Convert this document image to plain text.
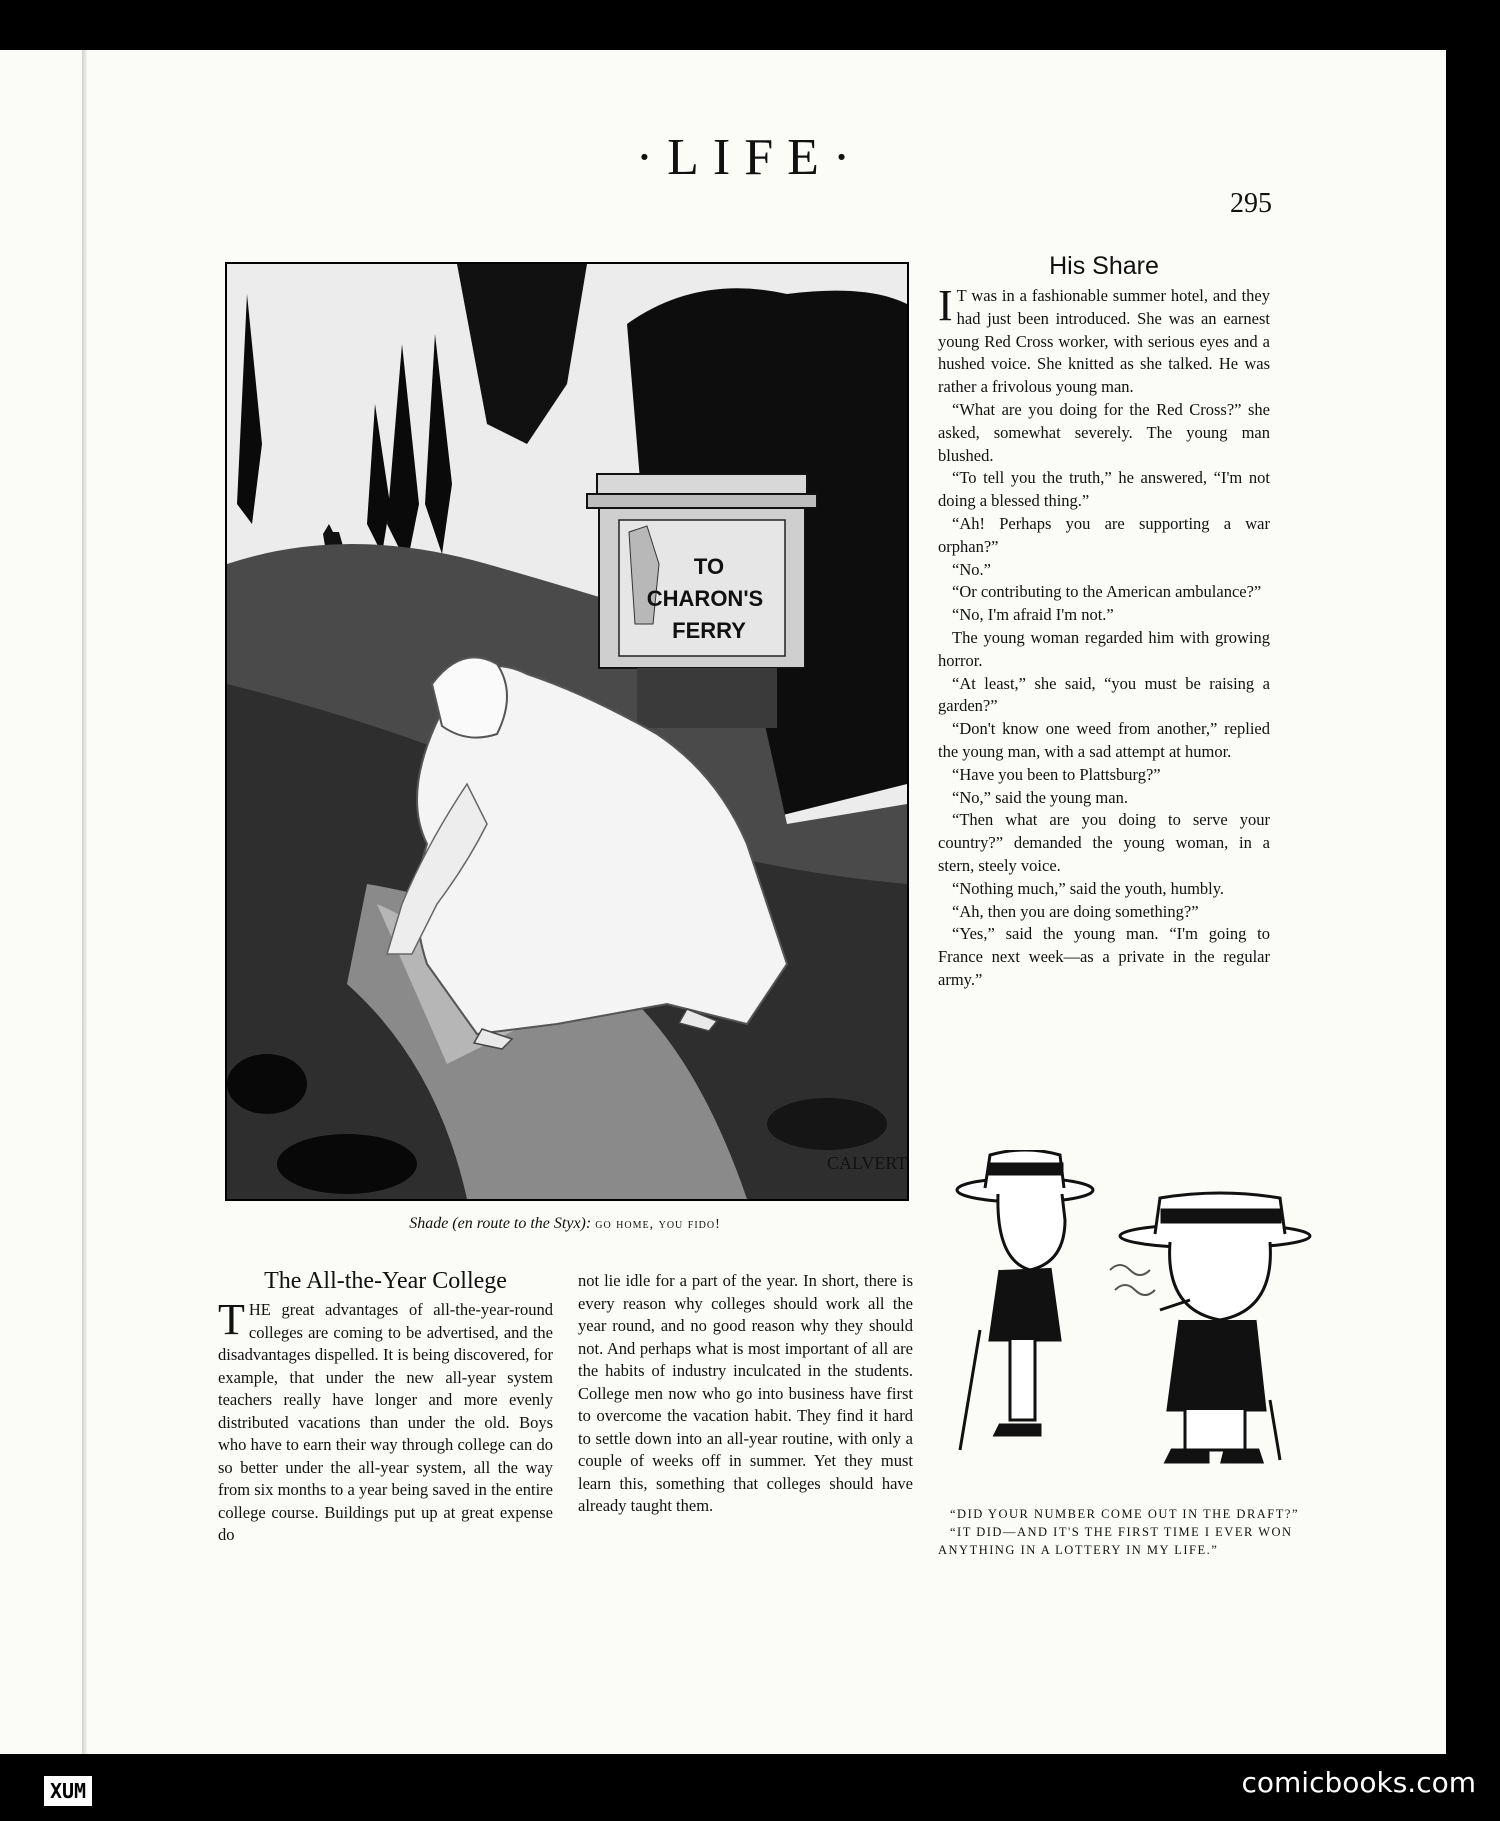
·LIFE·
295
TO
CHARON'S
FERRY
CALVERT
Shade (en route to the Styx): go home, you fido!
The All-the-Year College

THE great advantages of all-the-year-round colleges are coming to be advertised, and the disadvantages dispelled. It is being discovered, for example, that under the new all-year system teachers really have longer and more evenly distributed vacations than under the old. Boys who have to earn their way through college can do so better under the all-year system, all the way from six months to a year being saved in the entire college course. Buildings put up at great expense do

not lie idle for a part of the year. In short, there is every reason why colleges should work all the year round, and no good reason why they should not. And perhaps what is most important of all are the habits of industry inculcated in the students. College men now who go into business have first to overcome the vacation habit. They find it hard to settle down into an all-year routine, with only a couple of weeks off in summer. Yet they must learn this, something that colleges should have already taught them.

His Share

I T was in a fashionable summer hotel, and they had just been introduced. She was an earnest young Red Cross worker, with serious eyes and a hushed voice. She knitted as she talked. He was rather a frivolous young man.

“What are you doing for the Red Cross?” she asked, somewhat severely. The young man blushed.

“To tell you the truth,” he answered, “I'm not doing a blessed thing.”

“Ah! Perhaps you are supporting a war orphan?”

“No.”

“Or contributing to the American ambulance?”

“No, I'm afraid I'm not.”

The young woman regarded him with growing horror.

“At least,” she said, “you must be raising a garden?”

“Don't know one weed from another,” replied the young man, with a sad attempt at humor.

“Have you been to Plattsburg?”

“No,” said the young man.

“Then what are you doing to serve your country?” demanded the young woman, in a stern, steely voice.

“Nothing much,” said the youth, humbly.

“Ah, then you are doing something?”

“Yes,” said the young man. “I'm going to France next week—as a private in the regular army.”

“DID YOUR NUMBER COME OUT IN THE DRAFT?”

“IT DID—AND IT'S THE FIRST TIME I EVER WON ANYTHING IN A LOTTERY IN MY LIFE.”

XUM	comicbooks.com
